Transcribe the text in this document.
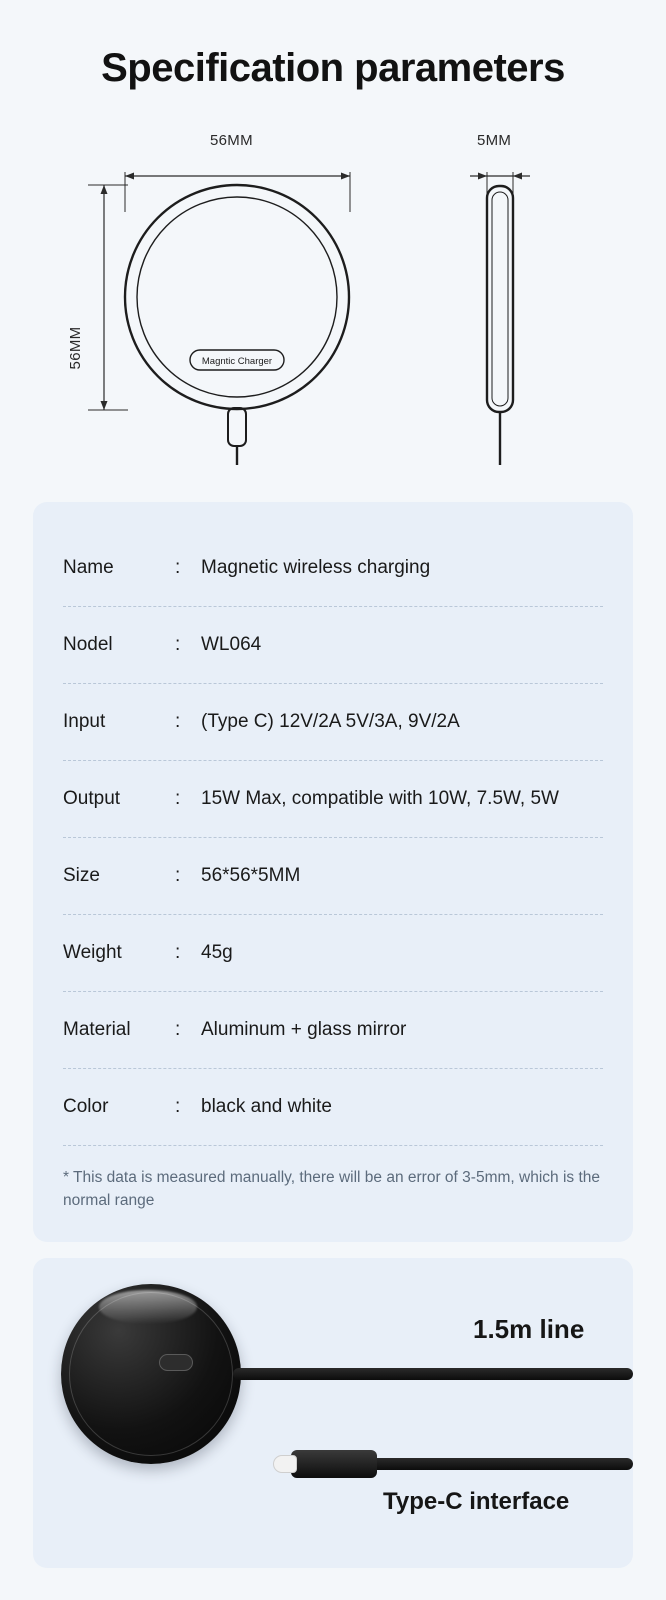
Specification parameters
Magntic Charger
56MM	5MM
56MM
Name	:	Magnetic wireless charging
Nodel	:	WL064
Input	:	(Type C) 12V/2A 5V/3A, 9V/2A
Output	:	15W Max, compatible with 10W, 7.5W, 5W
Size	:	56*56*5MM
Weight	:	45g
Material	:	Aluminum + glass mirror
Color	:	black and white
* This data is measured manually, there will be an error of 3-5mm, which is the normal range
1.5m line
Type-C interface
